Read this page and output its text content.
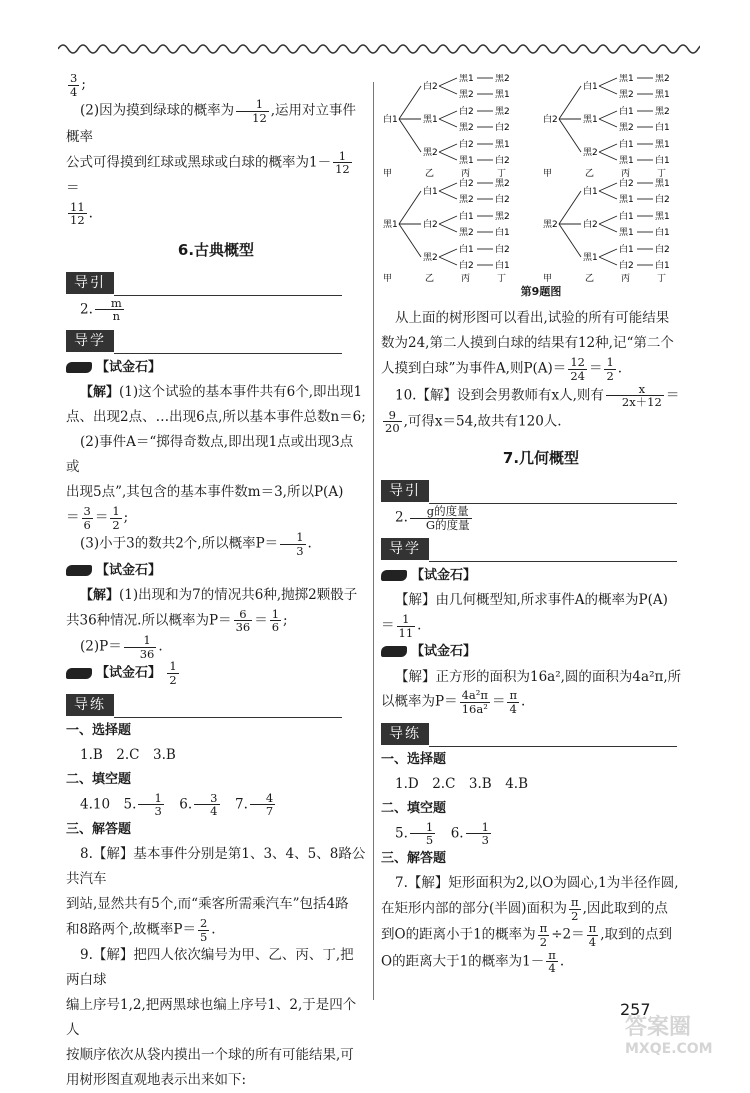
$\frac{3}{4}$ ;

(2)因为摸到绿球的概率为 $\frac{1}{12}$ ,运用对立事件概率

公式可得摸到红球或黑球或白球的概率为$1- \frac{1}{12}$
＝

$\frac{11}{12}$ .

6.古典概型
导引

2. $\frac{m}{n}$

导学

【试金石】

【解】(1)这个试验的基本事件共有6个,即出现1

点、出现2点、…出现6点,所以基本事件总数n＝6;

(2)事件A＝“掷得奇数点,即出现1点或出现3点或

出现5点”,其包含的基本事件数m＝3,所以P(A)

＝ $\frac{3}{6} = \frac{1}{2}$ ;

(3)小于3的数共2个,所以概率$P= \frac{1}{3}$ .

【试金石】

【解】(1)出现和为7的情况共6种,抛掷2颗骰子

共36种情况.所以概率为$P= \frac{6}{36} = \frac{1}{6}$ ;

$(2)P= \frac{1}{36}$ .

【试金石】 $\frac{1}{2}$

导练

一、选择题

1.B　2.C　3.B

二、填空题

4.10　5. $\frac{1}{3}$ 　6. $\frac{3}{4}$ 　7. $\frac{4}{7}$

三、解答题

8.【解】基本事件分别是第1、3、4、5、8路公共汽车

到站,显然共有5个,而“乘客所需乘汽车”包括4路

和8路两个,故概率$P= \frac{2}{5}$ .

9.【解】把四人依次编号为甲、乙、丙、丁,把两白球

编上序号1,2,把两黑球也编上序号1、2,于是四个人

按顺序依次从袋内摸出一个球的所有可能结果,可

用树形图直观地表示出来如下:

白1
白2
黑1 黑2
黑2 黑1
黑1
白2 黑2
黑2 白2
黑2
白2 黑1
黑1 白2
甲	乙	丙	丁
白2
白1
黑1 黑2
黑2 黑1
黑1
白1 黑2
黑2 白1
黑2
白1 黑1
黑1 白1
甲	乙	丙	丁
黑1
白1
白2 黑2
黑2 白2
白2
白1 黑2
黑2 白1
黑2
白1 白2
白2 白1
甲	乙	丙	丁
黑2
白1
白2 黑1
黑1 白2
白2
白1 黑1
黑1 白1
黑1
白1 白2
白2 白1
甲	乙	丙	丁
第9题图

从上面的树形图可以看出,试验的所有可能结果

数为24,第二人摸到白球的结果有12种,记“第二个

人摸到白球”为事件A,则$P(A)= \frac{12}{24} = \frac{1}{2}$ .

10.【解】设到会男教师有x人,则有 $\frac{x}{2x+12}$ ＝

$\frac{9}{20}$ ,可得x＝54,故共有120人.

7.几何概型
导引

2. $\frac{\text{g的度量}}{\text{G的度量}}$

导学

【试金石】

【解】由几何概型知,所求事件A的概率为P(A)

＝ $\frac{1}{11}$ .

【试金石】

【解】正方形的面积为16a²,圆的面积为4a²π,所

以概率为$P= \frac{\text{4a²π}}{\text{16a²}} = \frac{\pi}{4}$ .

导练

一、选择题

1.D　2.C　3.B　4.B

二、填空题

5. $\frac{1}{5}$ 　6. $\frac{1}{3}$

三、解答题

7.【解】矩形面积为2,以O为圆心,1为半径作圆,

在矩形内部的部分(半圆)面积为 $\frac{\pi}{2}$ ,因此取到的点

到O的距离小于1的概率为 $\frac{\pi}{2} \div 2= \frac{\pi}{4}$ ,取到的点到

O的距离大于1的概率为$1- \frac{\pi}{4}$ .

257
答案圈
MXQE.COM
